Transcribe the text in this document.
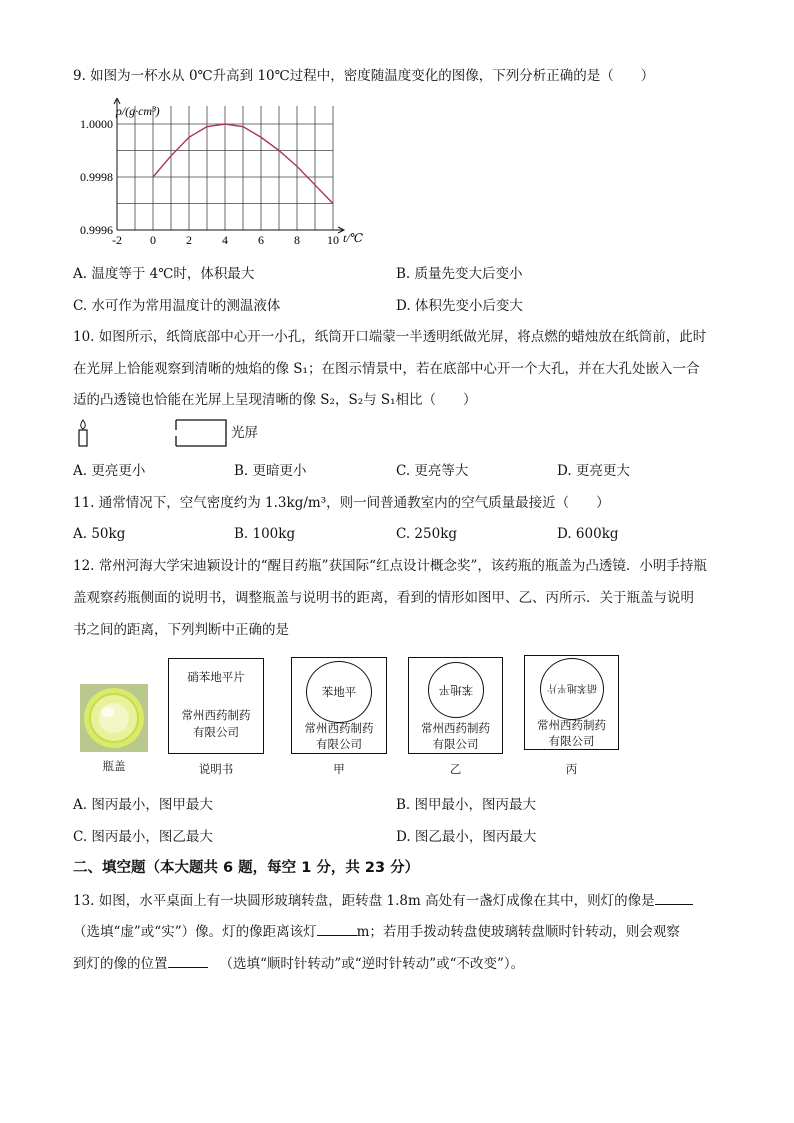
9. 如图为一杯水从 0℃升高到 10℃过程中，密度随温度变化的图像，下列分析正确的是（　　）
-2 0	2	4	6	8 10
0.9996
0.9998
1.0000
ρ/(g·cm³)
t/℃
A. 温度等于 4℃时，体积最大	B. 质量先变大后变小
C. 水可作为常用温度计的测温液体	D. 体积先变小后变大
10. 如图所示，纸筒底部中心开一小孔，纸筒开口端蒙一半透明纸做光屏，将点燃的蜡烛放在纸筒前，此时
在光屏上恰能观察到清晰的烛焰的像 S₁；在图示情景中，若在底部中心开一个大孔，并在大孔处嵌入一合
适的凸透镜也恰能在光屏上呈现清晰的像 S₂，S₂与 S₁相比（　　）
光屏
A. 更亮更小	B. 更暗更小	C. 更亮等大	D. 更亮更大
11. 通常情况下，空气密度约为 1.3kg/m³，则一间普通教室内的空气质量最接近（　　）
A. 50kg	B. 100kg	C. 250kg	D. 600kg
12. 常州河海大学宋迪颖设计的“醒目药瓶”获国际“红点设计概念奖”，该药瓶的瓶盖为凸透镜．小明手持瓶
盖观察药瓶侧面的说明书，调整瓶盖与说明书的距离，看到的情形如图甲、乙、丙所示．关于瓶盖与说明
书之间的距离，下列判断中正确的是
瓶盖
硝苯地平片
常州西药制药
有限公司
说明书
苯地平
常州西药制药
有限公司
甲
苯地平
常州西药制药
有限公司
乙
硝苯地平片
常州西药制药
有限公司
丙
A. 图丙最小，图甲最大	B. 图甲最小，图丙最大
C. 图丙最小，图乙最大	D. 图乙最小，图丙最大
二、填空题（本大题共 6 题，每空 1 分，共 23 分）
13. 如图，水平桌面上有一块圆形玻璃转盘，距转盘 1.8m 高处有一盏灯成像在其中，则灯的像是
（选填“虚”或“实”）像。灯的像距离该灯	m；若用手拨动转盘使玻璃转盘顺时针转动，则会观察
到灯的像的位置	（选填“顺时针转动”或“逆时针转动”或“不改变”）。
